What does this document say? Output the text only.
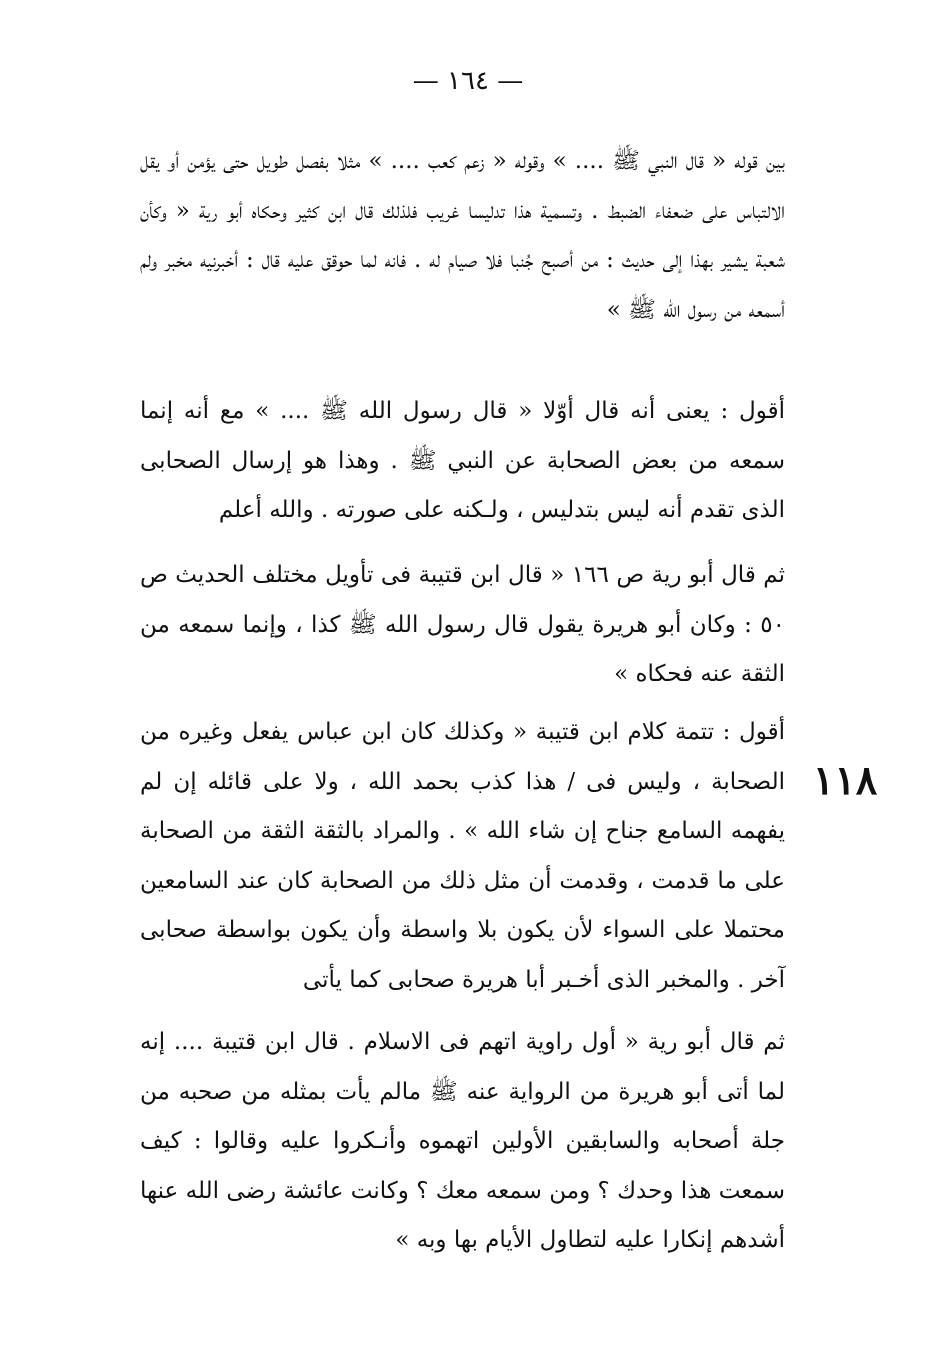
— ١٦٤ —

بين قوله « قال النبي ﷺ .... » وقوله « زعم كعب .... » مثلا بفصل طويل حتى يؤمن أو يقل الالتباس على ضعفاء الضبط . وتسمية هذا تدليسا غريب فلذلك قال ابن كثير وحكاه أبو رية « وكأن شعبة يشير بهذا إلى حديث : من أصبح جُنبا فلا صيام له . فانه لما حوقق عليه قال : أخبرنيه مخبر ولم أسمعه من رسول الله ﷺ »

أقول : يعنى أنه قال أوّلا « قال رسول الله ﷺ .... » مع أنه إنما سمعه من بعض الصحابة عن النبي ﷺ . وهذا هو إرسال الصحابى الذى تقدم أنه ليس بتدليس ، ولـكنه على صورته . والله أعلم

ثم قال أبو رية ص ١٦٦ « قال ابن قتيبة فى تأويل مختلف الحديث ص ٥٠ : وكان أبو هريرة يقول قال رسول الله ﷺ كذا ، وإنما سمعه من الثقة عنه فحكاه »

أقول : تتمة كلام ابن قتيبة « وكذلك كان ابن عباس يفعل وغيره من الصحابة ، وليس فى / هذا كذب بحمد الله ، ولا على قائله إن لم يفهمه السامع جناح إن شاء الله » . والمراد بالثقة الثقة من الصحابة على ما قدمت ، وقدمت أن مثل ذلك من الصحابة كان عند السامعين محتملا على السواء لأن يكون بلا واسطة وأن يكون بواسطة صحابى آخر . والمخبر الذى أخـبر أبا هريرة صحابى كما يأتى

١١٨

ثم قال أبو رية « أول راوية اتهم فى الاسلام . قال ابن قتيبة .... إنه لما أتى أبو هريرة من الرواية عنه ﷺ مالم يأت بمثله من صحبه من جلة أصحابه والسابقين الأولين اتهموه وأنـكروا عليه وقالوا : كيف سمعت هذا وحدك ؟ ومن سمعه معك ؟ وكانت عائشة رضى الله عنها أشدهم إنكارا عليه لتطاول الأيام بها وبه »
